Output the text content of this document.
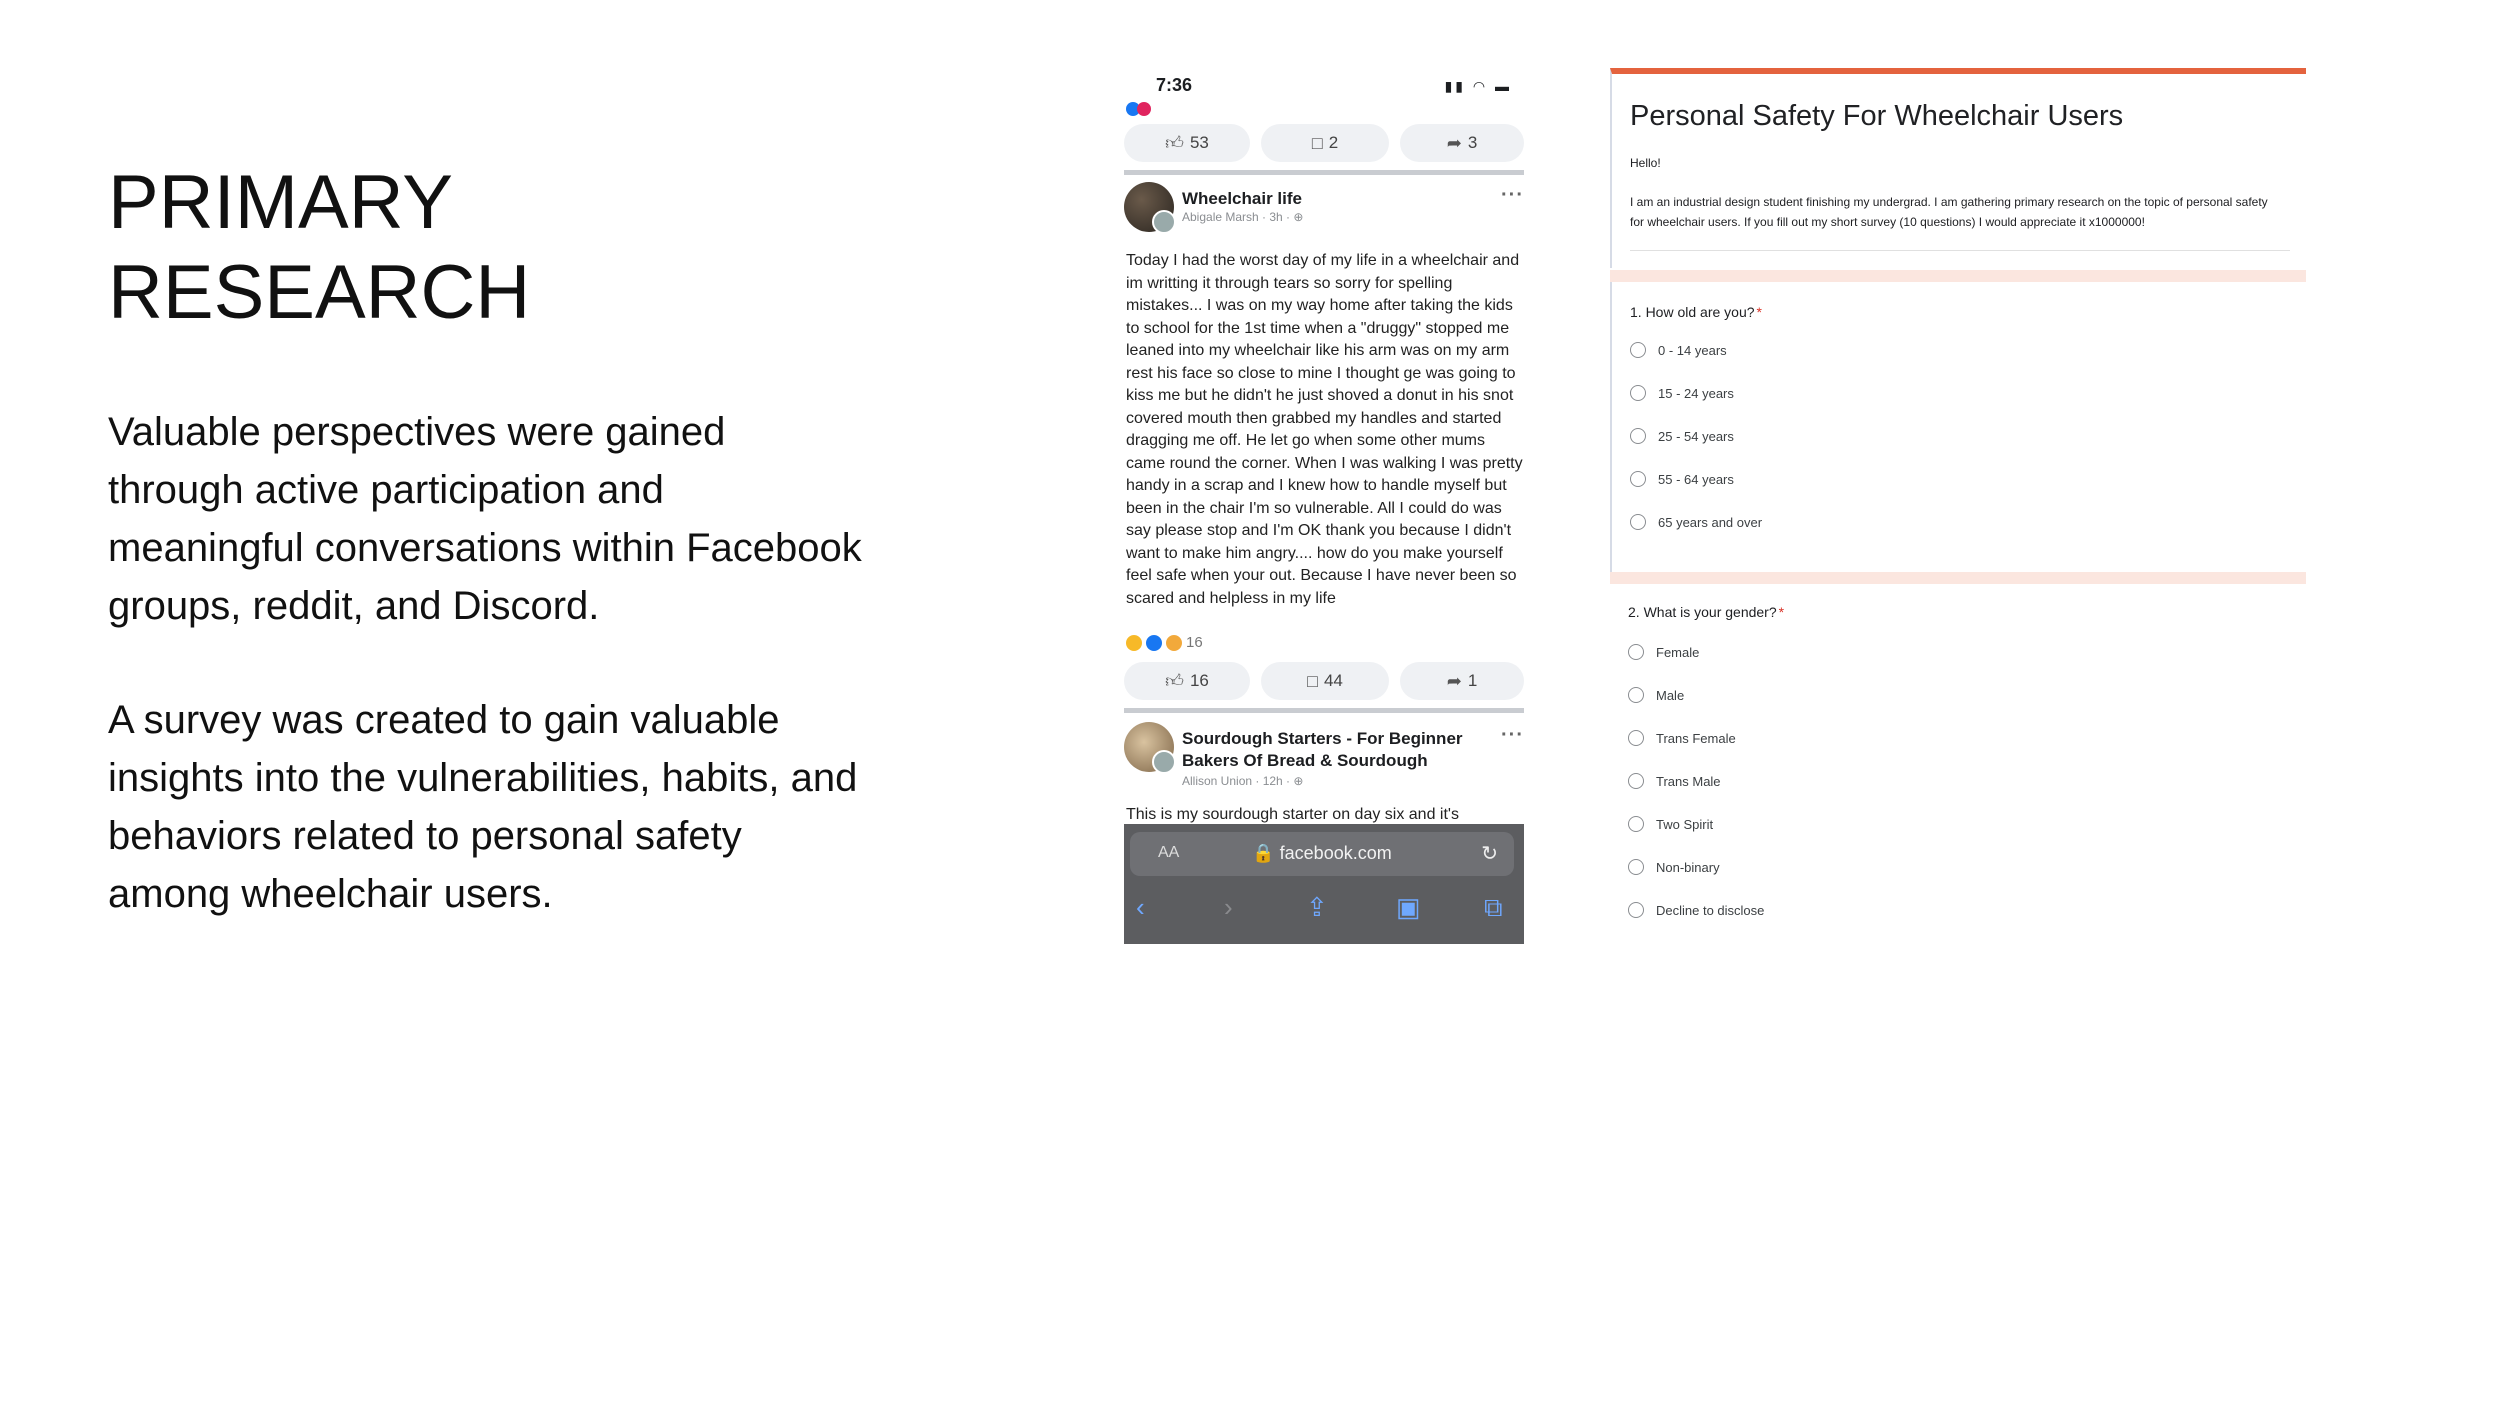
PRIMARY
RESEARCH
Valuable perspectives were gained through active participation and meaningful conversations within Facebook groups, reddit, and Discord.
A survey was created to gain valuable insights into the vulnerabilities, habits, and behaviors related to personal safety among wheelchair users.
7:36	▮▮ ◠ ▬
👍︎ 53	□ 2	➦ 3
Wheelchair life
Abigale Marsh · 3h · ⊕
···
Today I had the worst day of my life in a wheelchair and im writting it through tears so sorry for spelling mistakes... I was on my way home after taking the kids to school for the 1st time when a "druggy" stopped me leaned into my wheelchair like his arm was on my arm rest his face so close to mine I thought ge was going to kiss me but he didn't he just shoved a donut in his snot covered mouth then grabbed my handles and started dragging me off. He let go when some other mums came round the corner. When I was walking I was pretty handy in a scrap and I knew how to handle myself but been in the chair I'm so vulnerable. All I could do was say please stop and I'm OK thank you because I didn't want to make him angry.... how do you make yourself feel safe when your out. Because I have never been so scared and helpless in my life
16
👍︎ 16	□ 44	➦ 1
Sourdough Starters - For Beginner Bakers Of Bread & Sourdough
Allison Union · 12h · ⊕
···
This is my sourdough starter on day six and it's
AA	🔒 facebook.com	↻
‹	›	⇪	▣ ⧉
Personal Safety For Wheelchair Users
Hello!
I am an industrial design student finishing my undergrad. I am gathering primary research on the topic of personal safety for wheelchair users. If you fill out my short survey (10 questions) I would appreciate it x1000000!
1. How old are you? *
0 - 14 years
15 - 24 years
25 - 54 years
55 - 64 years
65 years and over
2. What is your gender? *
Female
Male
Trans Female
Trans Male
Two Spirit
Non-binary
Decline to disclose
